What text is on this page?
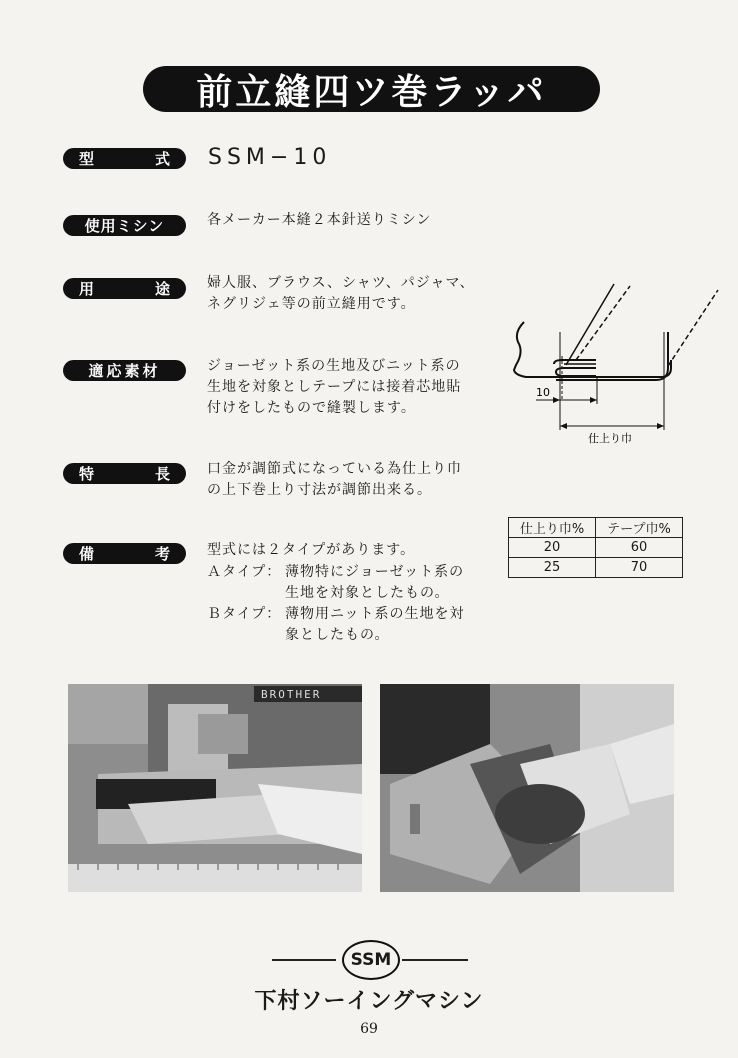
前立縫四ツ巻ラッパ
型	式 SSM−10
使用ミシン	各メーカー本縫２本針送りミシン
用	途	婦人服、ブラウス、シャツ、パジャマ、
ネグリジェ等の前立縫用です。
適応素材	ジョーゼット系の生地及びニット系の
生地を対象としテープには接着芯地貼
付けをしたもので縫製します。
特	長	口金が調節式になっている為仕上り巾
の上下巻上り寸法が調節出来る。
備	考	型式には２タイプがあります。
Ａタイプ： 薄物特にジョーゼット系の
生地を対象としたもの。
Ｂタイプ： 薄物用ニット系の生地を対
象としたもの。
10
仕上り巾
仕上り巾%	テープ巾%
20	60
25	70
BROTHER
SSM
下村ソーイングマシン
69
